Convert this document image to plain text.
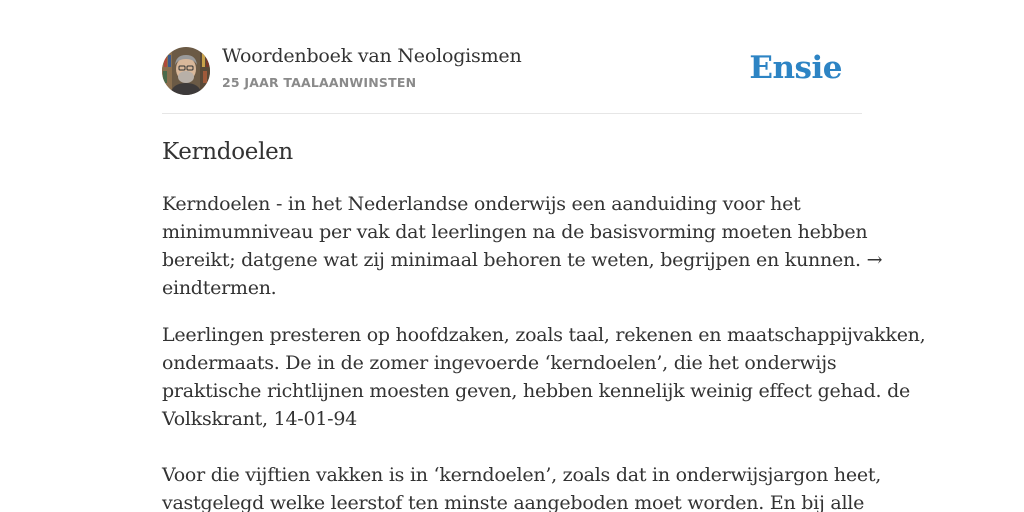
Woordenboek van Neologismen
25 JAAR TAALAANWINSTEN	Ensie
Kerndoelen

Kerndoelen - in het Nederlandse onderwijs een aanduiding voor het
minimumniveau per vak dat leerlingen na de basisvorming moeten hebben
bereikt; datgene wat zij minimaal behoren te weten, begrijpen en kunnen. →
eindtermen.

Leerlingen presteren op hoofdzaken, zoals taal, rekenen en maatschappijvakken,
ondermaats. De in de zomer ingevoerde ‘kerndoelen’, die het onderwijs
praktische richtlijnen moesten geven, hebben kennelijk weinig effect gehad. de
Volkskrant, 14-01-94
Voor die vijftien vakken is in ‘kerndoelen’, zoals dat in onderwijsjargon heet,
vastgelegd welke leerstof ten minste aangeboden moet worden. En bij alle
